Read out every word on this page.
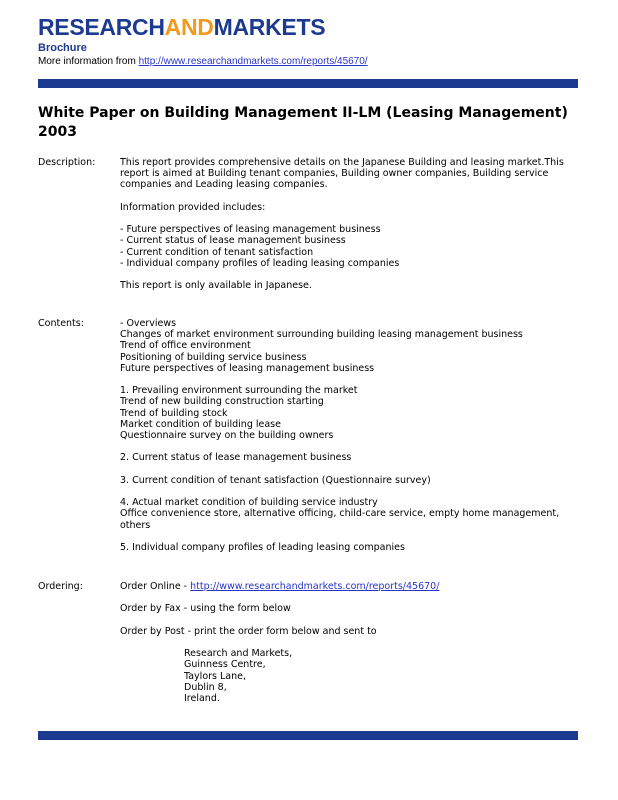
RESEARCHANDMARKETS
Brochure
More information from http://www.researchandmarkets.com/reports/45670/
White Paper on Building Management II-LM (Leasing Management) 2003
Description:	This report provides comprehensive details on the Japanese Building and leasing market.This report is aimed at Building tenant companies, Building owner companies, Building service companies and Leading leasing companies.
Information provided includes:
- Future perspectives of leasing management business
- Current status of lease management business
- Current condition of tenant satisfaction
- Individual company profiles of leading leasing companies
This report is only available in Japanese.
Contents:	- Overviews
Changes of market environment surrounding building leasing management business
Trend of office environment
Positioning of building service business
Future perspectives of leasing management business
1. Prevailing environment surrounding the market
Trend of new building construction starting
Trend of building stock
Market condition of building lease
Questionnaire survey on the building owners
2. Current status of lease management business
3. Current condition of tenant satisfaction (Questionnaire survey)
4. Actual market condition of building service industry
Office convenience store, alternative officing, child-care service, empty home management, others
5. Individual company profiles of leading leasing companies
Ordering:	Order Online - http://www.researchandmarkets.com/reports/45670/
Order by Fax - using the form below
Order by Post - print the order form below and sent to
Research and Markets,
Guinness Centre,
Taylors Lane,
Dublin 8,
Ireland.
